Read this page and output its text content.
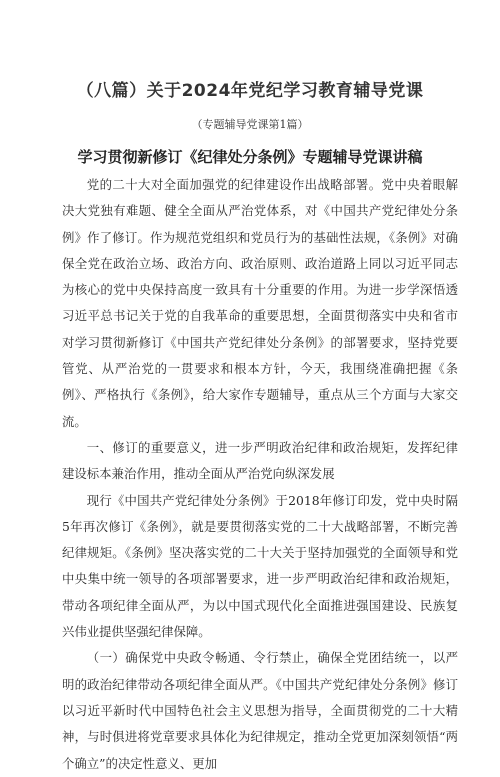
（八篇）关于2024年党纪学习教育辅导党课
（专题辅导党课第1篇）
学习贯彻新修订《纪律处分条例》专题辅导党课讲稿

党的二十大对全面加强党的纪律建设作出战略部署。党中央着眼解决大党独有难题、健全全面从严治党体系，对《中国共产党纪律处分条例》作了修订。作为规范党组织和党员行为的基础性法规，《条例》对确保全党在政治立场、政治方向、政治原则、政治道路上同以习近平同志为核心的党中央保持高度一致具有十分重要的作用。为进一步学深悟透习近平总书记关于党的自我革命的重要思想，全面贯彻落实中央和省市对学习贯彻新修订《中国共产党纪律处分条例》的部署要求，坚持党要管党、从严治党的一贯要求和根本方针，今天，我围绕准确把握《条例》、严格执行《条例》，给大家作专题辅导，重点从三个方面与大家交流。

一、修订的重要意义，进一步严明政治纪律和政治规矩，发挥纪律建设标本兼治作用，推动全面从严治党向纵深发展

现行《中国共产党纪律处分条例》于2018年修订印发，党中央时隔5年再次修订《条例》，就是要贯彻落实党的二十大战略部署，不断完善纪律规矩。《条例》坚决落实党的二十大关于坚持加强党的全面领导和党中央集中统一领导的各项部署要求，进一步严明政治纪律和政治规矩，带动各项纪律全面从严，为以中国式现代化全面推进强国建设、民族复兴伟业提供坚强纪律保障。

（一）确保党中央政令畅通、令行禁止，确保全党团结统一，以严明的政治纪律带动各项纪律全面从严。《中国共产党纪律处分条例》修订以习近平新时代中国特色社会主义思想为指导，全面贯彻党的二十大精神，与时俱进将党章要求具体化为纪律规定，推动全党更加深刻领悟“两个确立”的决定性意义、更加
